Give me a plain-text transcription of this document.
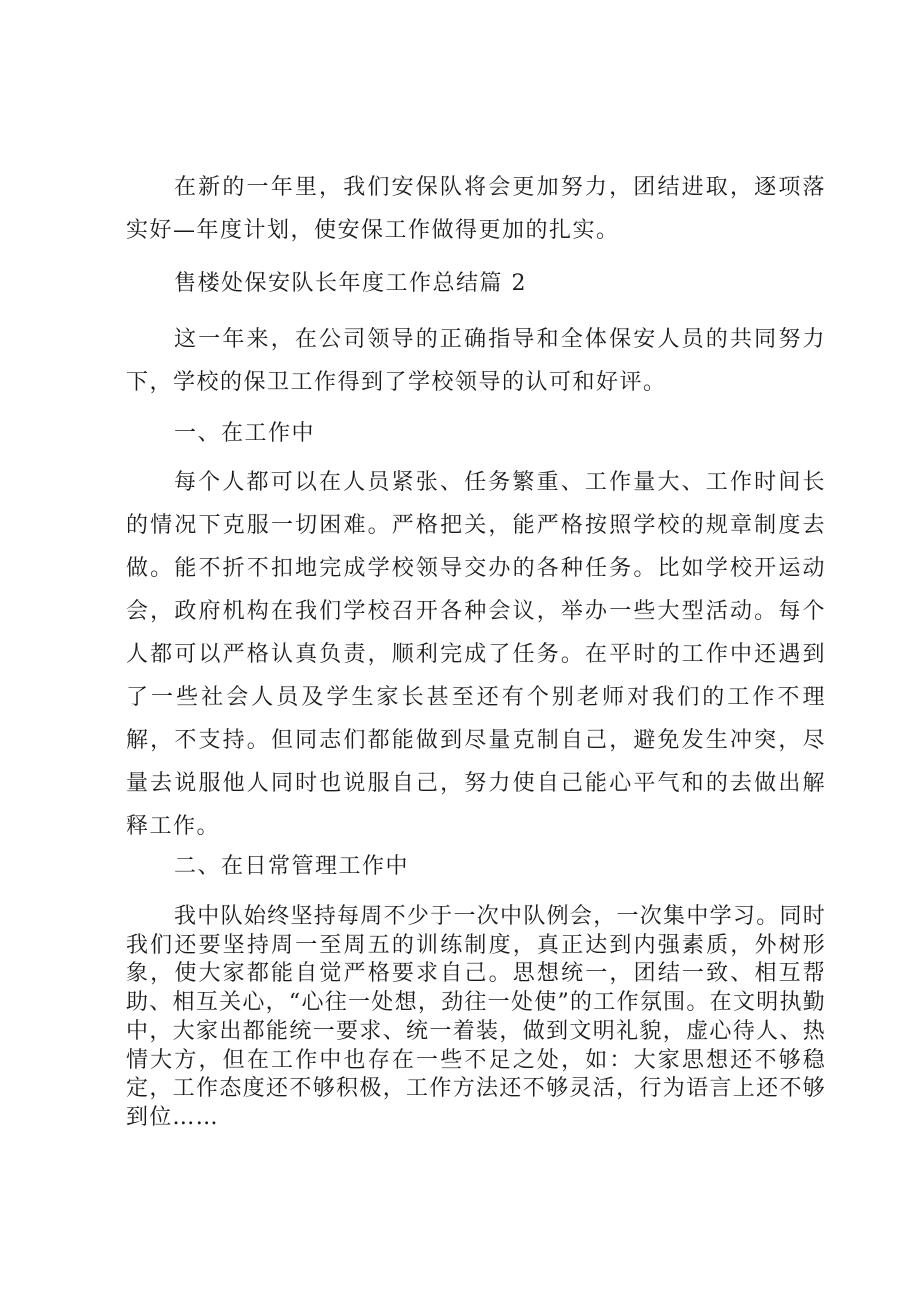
在新的一年里，我们安保队将会更加努力，团结进取，逐项落实好—年度计划，使安保工作做得更加的扎实。

售楼处保安队长年度工作总结篇 2

这一年来，在公司领导的正确指导和全体保安人员的共同努力下，学校的保卫工作得到了学校领导的认可和好评。

一、在工作中

每个人都可以在人员紧张、任务繁重、工作量大、工作时间长的情况下克服一切困难。严格把关，能严格按照学校的规章制度去做。能不折不扣地完成学校领导交办的各种任务。比如学校开运动会，政府机构在我们学校召开各种会议，举办一些大型活动。每个人都可以严格认真负责，顺利完成了任务。在平时的工作中还遇到了一些社会人员及学生家长甚至还有个别老师对我们的工作不理解，不支持。但同志们都能做到尽量克制自己，避免发生冲突，尽量去说服他人同时也说服自己，努力使自己能心平气和的去做出解释工作。

二、在日常管理工作中

我中队始终坚持每周不少于一次中队例会，一次集中学习。同时我们还要坚持周一至周五的训练制度，真正达到内强素质，外树形象，使大家都能自觉严格要求自己。思想统一，团结一致、相互帮助、相互关心，“心往一处想，劲往一处使”的工作氛围。在文明执勤中，大家出都能统一要求、统一着装，做到文明礼貌，虚心待人、热情大方，但在工作中也存在一些不足之处，如：大家思想还不够稳定，工作态度还不够积极，工作方法还不够灵活，行为语言上还不够到位……
